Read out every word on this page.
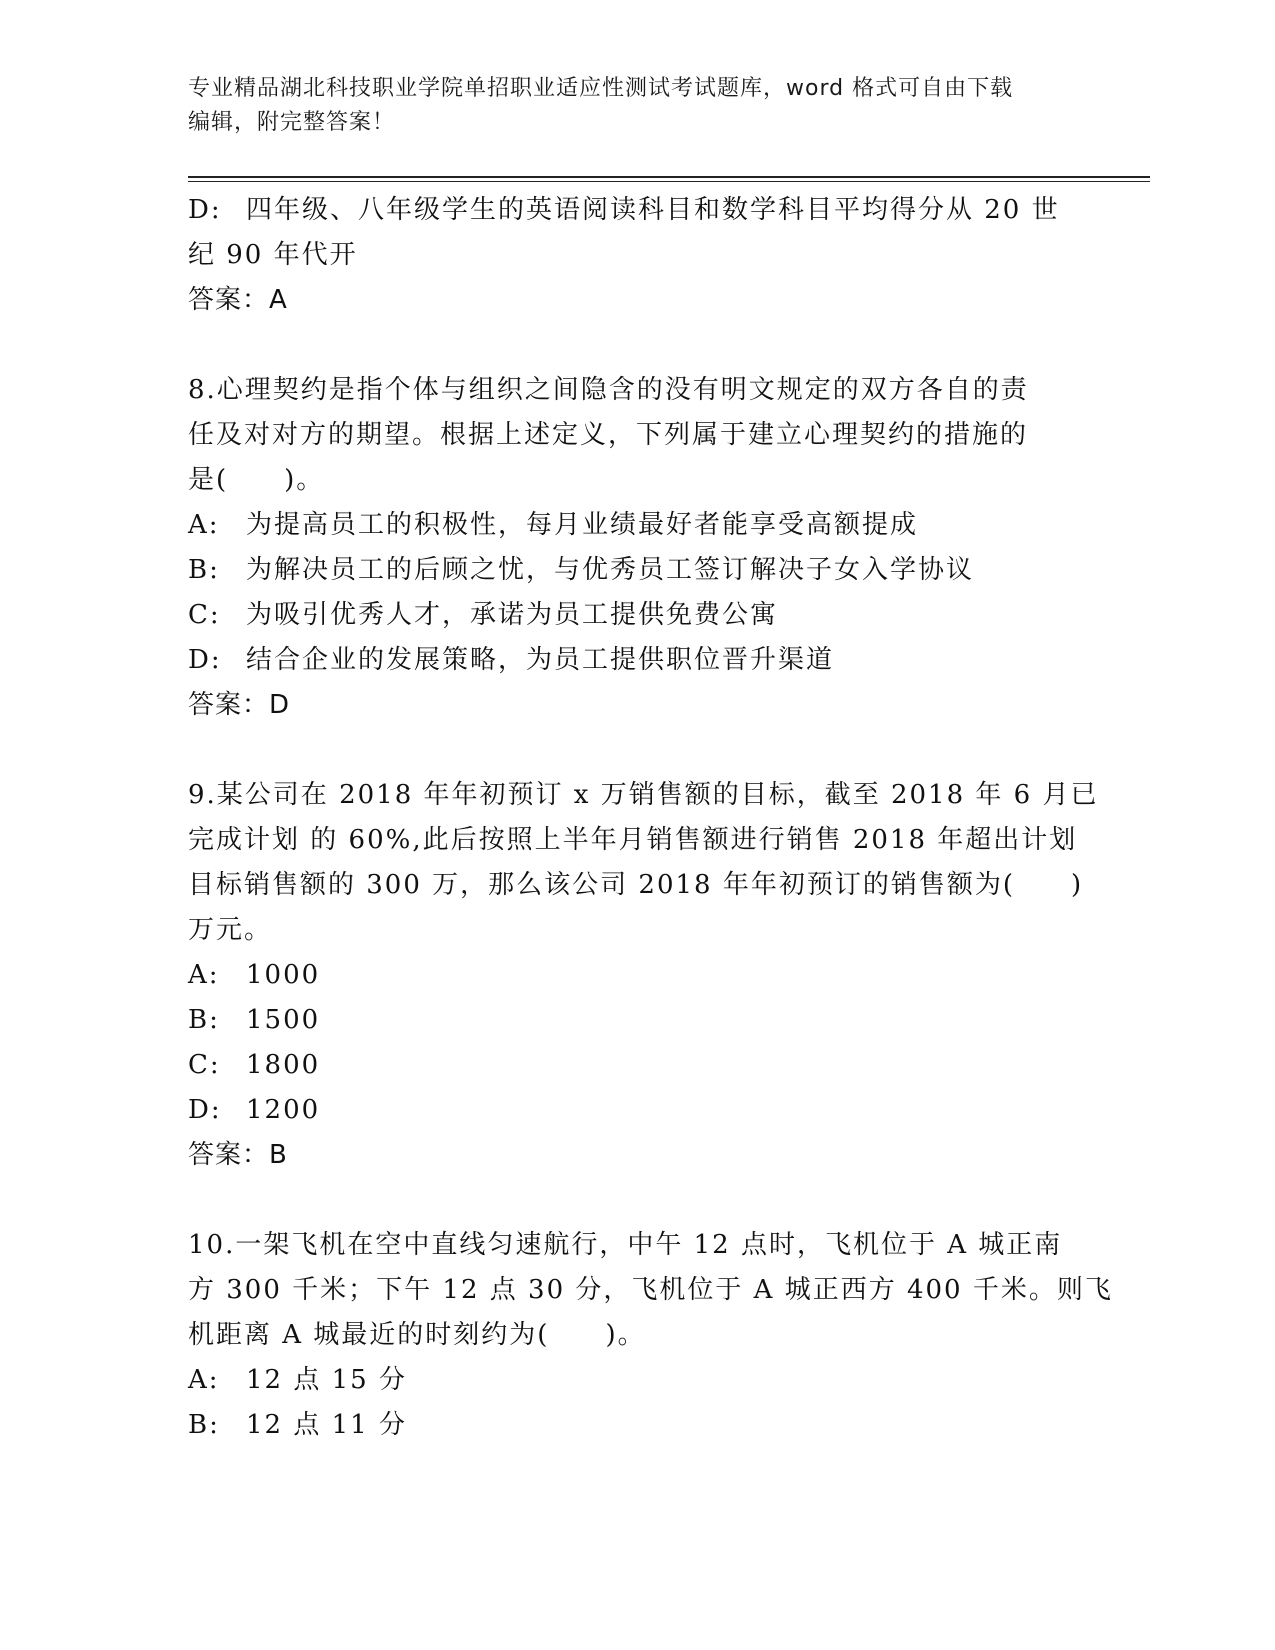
专业精品湖北科技职业学院单招职业适应性测试考试题库，word 格式可自由下载
编辑，附完整答案！
D: 四年级、八年级学生的英语阅读科目和数学科目平均得分从 20 世
纪 90 年代开
答案：A
8.心理契约是指个体与组织之间隐含的没有明文规定的双方各自的责
任及对对方的期望。根据上述定义，下列属于建立心理契约的措施的
是(　　)。
A: 为提高员工的积极性，每月业绩最好者能享受高额提成
B: 为解决员工的后顾之忧，与优秀员工签订解决子女入学协议
C: 为吸引优秀人才，承诺为员工提供免费公寓
D: 结合企业的发展策略，为员工提供职位晋升渠道
答案：D
9.某公司在 2018 年年初预订 x 万销售额的目标，截至 2018 年 6 月已
完成计划 的 60%,此后按照上半年月销售额进行销售 2018 年超出计划
目标销售额的 300 万，那么该公司 2018 年年初预订的销售额为(　　)
万元。
A: 1000
B: 1500
C: 1800
D: 1200
答案：B
10.一架飞机在空中直线匀速航行，中午 12 点时，飞机位于 A 城正南
方 300 千米；下午 12 点 30 分，飞机位于 A 城正西方 400 千米。则飞
机距离 A 城最近的时刻约为(　　)。
A: 12 点 15 分
B: 12 点 11 分
